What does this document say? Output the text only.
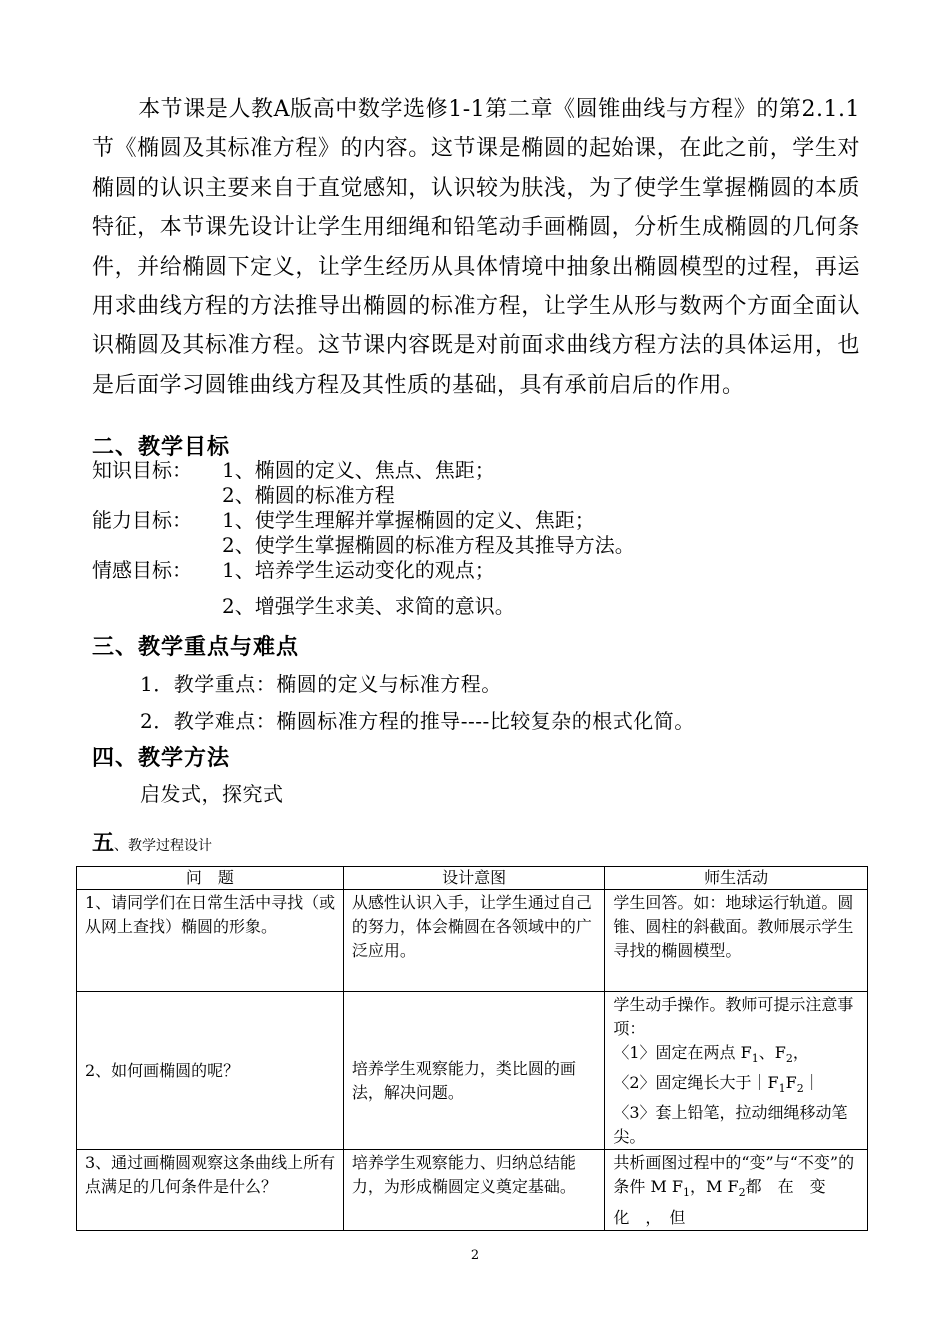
本节课是人教A版高中数学选修1-1第二章《圆锥曲线与方程》的第2.1.1节《椭圆及其标准方程》的内容。这节课是椭圆的起始课，在此之前，学生对椭圆的认识主要来自于直觉感知，认识较为肤浅，为了使学生掌握椭圆的本质特征，本节课先设计让学生用细绳和铅笔动手画椭圆，分析生成椭圆的几何条件，并给椭圆下定义，让学生经历从具体情境中抽象出椭圆模型的过程，再运用求曲线方程的方法推导出椭圆的标准方程，让学生从形与数两个方面全面认识椭圆及其标准方程。这节课内容既是对前面求曲线方程方法的具体运用，也是后面学习圆锥曲线方程及其性质的基础，具有承前启后的作用。
二、教学目标
知识目标： 1、椭圆的定义、焦点、焦距；
2、椭圆的标准方程
能力目标： 1、使学生理解并掌握椭圆的定义、焦距；
2、使学生掌握椭圆的标准方程及其推导方法。
情感目标： 1、培养学生运动变化的观点；
2、增强学生求美、求简的意识。
三、教学重点与难点
1．教学重点：椭圆的定义与标准方程。
2．教学难点：椭圆标准方程的推导----比较复杂的根式化简。
四、教学方法
启发式，探究式
五、教学过程设计
问　题	设计意图	师生活动
1、请同学们在日常生活中寻找（或从网上查找）椭圆的形象。	从感性认识入手，让学生通过自己的努力，体会椭圆在各领域中的广泛应用。	学生回答。如：地球运行轨道。圆锥、圆柱的斜截面。教师展示学生寻找的椭圆模型。
2、如何画椭圆的呢？	培养学生观察能力，类比圆的画法，解决问题。	学生动手操作。教师可提示注意事项：
〈1〉固定在两点 $F_1$、$F_2$，
〈2〉固定绳长大于$|F_1F_2|$
〈3〉套上铅笔，拉动细绳移动笔尖。

3、通过画椭圆观察这条曲线上所有点满足的几何条件是什么？	培养学生观察能力、归纳总结能力，为形成椭圆定义奠定基础。	共析画图过程中的“变”与“不变”的条件 M $F_1$，M $F_2$都　在　变　化　，　但
2
